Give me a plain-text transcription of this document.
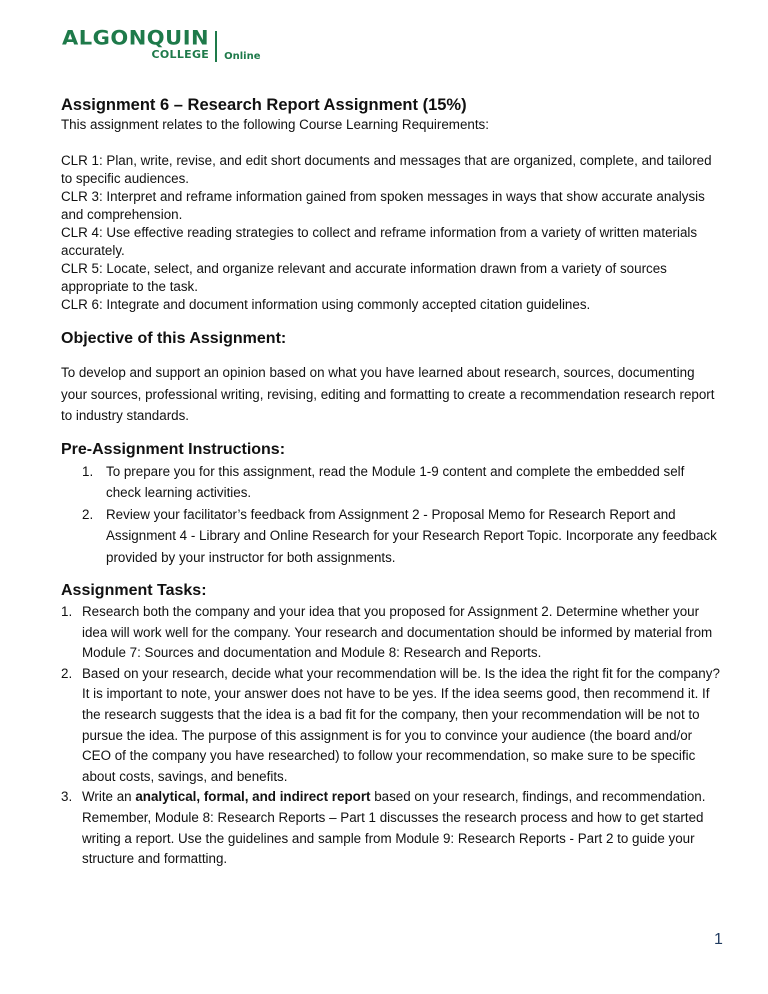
ALGONQUIN
COLLEGE Online
Assignment 6 – Research Report Assignment (15%)

This assignment relates to the following Course Learning Requirements:

CLR 1: Plan, write, revise, and edit short documents and messages that are organized, complete, and tailored to specific audiences.

CLR 3: Interpret and reframe information gained from spoken messages in ways that show accurate analysis and comprehension.

CLR 4: Use effective reading strategies to collect and reframe information from a variety of written materials accurately.

CLR 5: Locate, select, and organize relevant and accurate information drawn from a variety of sources appropriate to the task.

CLR 6: Integrate and document information using commonly accepted citation guidelines.

Objective of this Assignment:

To develop and support an opinion based on what you have learned about research, sources, documenting your sources, professional writing, revising, editing and formatting to create a recommendation research report to industry standards.

Pre-Assignment Instructions:
1. To prepare you for this assignment, read the Module 1-9 content and complete the embedded self check learning activities.
2. Review your facilitator’s feedback from Assignment 2 - Proposal Memo for Research Report and Assignment 4 - Library and Online Research for your Research Report Topic. Incorporate any feedback provided by your instructor for both assignments.
Assignment Tasks:
1. Research both the company and your idea that you proposed for Assignment 2. Determine whether your idea will work well for the company. Your research and documentation should be informed by material from Module 7: Sources and documentation and Module 8: Research and Reports.
2. Based on your research, decide what your recommendation will be. Is the idea the right fit for the company? It is important to note, your answer does not have to be yes. If the idea seems good, then recommend it. If the research suggests that the idea is a bad fit for the company, then your recommendation will be not to pursue the idea. The purpose of this assignment is for you to convince your audience (the board and/or CEO of the company you have researched) to follow your recommendation, so make sure to be specific about costs, savings, and benefits.
3. Write an analytical, formal, and indirect report based on your research, findings, and recommendation. Remember, Module 8: Research Reports – Part 1 discusses the research process and how to get started writing a report. Use the guidelines and sample from Module 9: Research Reports - Part 2 to guide your structure and formatting.
1
